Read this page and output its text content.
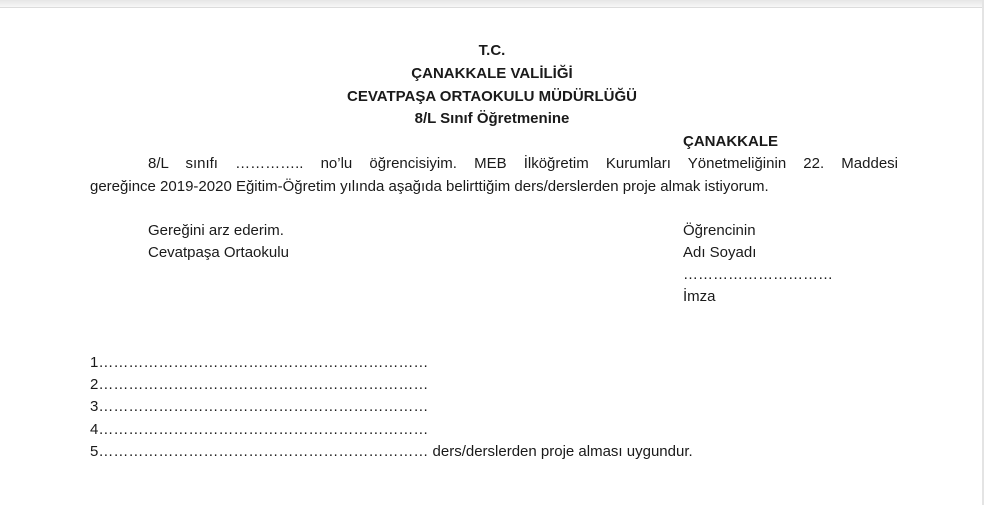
T.C.
ÇANAKKALE VALİLİĞİ
CEVATPAŞA ORTAOKULU MÜDÜRLÜĞÜ
8/L Sınıf Öğretmenine
ÇANAKKALE
8/L sınıfı ………….. no’lu öğrencisiyim. MEB İlköğretim Kurumları Yönetmeliğinin 22. Maddesi
gereğince 2019-2020 Eğitim-Öğretim yılında aşağıda belirttiğim ders/derslerden proje almak istiyorum.
Gereğini arz ederim.
Cevatpaşa Ortaokulu
Öğrencinin
Adı Soyadı
…………………………
İmza
1…………………………………………………………
2…………………………………………………………
3…………………………………………………………
4…………………………………………………………
5………………………………………………………… ders/derslerden proje alması uygundur.
